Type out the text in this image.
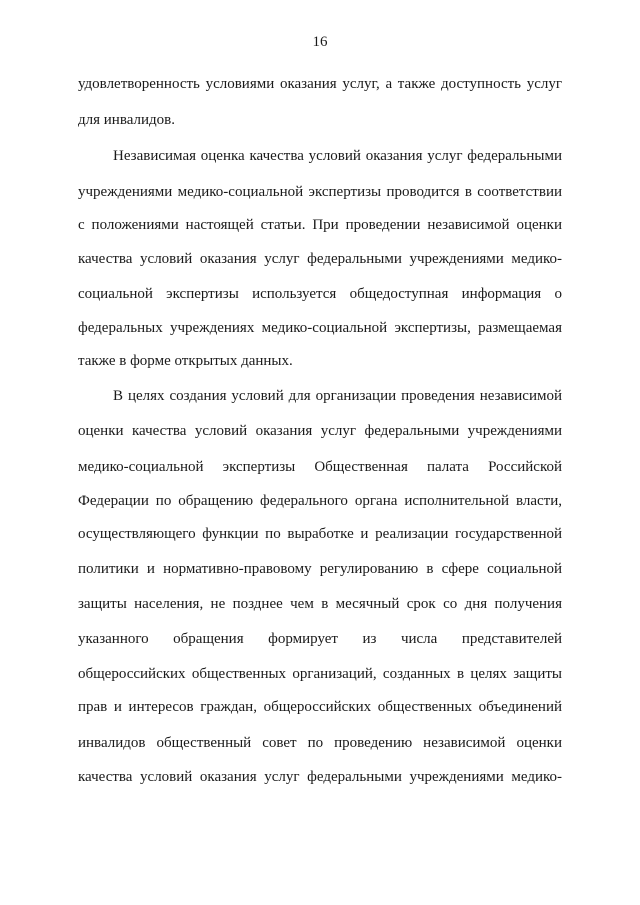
16
удовлетворенность условиями оказания услуг, а также доступность услуг
для инвалидов.
Независимая оценка качества условий оказания услуг федеральными
учреждениями медико-социальной экспертизы проводится в соответствии
с положениями настоящей статьи. При проведении независимой оценки
качества условий оказания услуг федеральными учреждениями медико-
социальной экспертизы используется общедоступная информация о
федеральных учреждениях медико-социальной экспертизы, размещаемая
также в форме открытых данных.
В целях создания условий для организации проведения независимой
оценки качества условий оказания услуг федеральными учреждениями
медико-социальной экспертизы Общественная палата Российской
Федерации по обращению федерального органа исполнительной власти,
осуществляющего функции по выработке и реализации государственной
политики и нормативно-правовому регулированию в сфере социальной
защиты населения, не позднее чем в месячный срок со дня получения
указанного обращения формирует из числа представителей
общероссийских общественных организаций, созданных в целях защиты
прав и интересов граждан, общероссийских общественных объединений
инвалидов общественный совет по проведению независимой оценки
качества условий оказания услуг федеральными учреждениями медико-
